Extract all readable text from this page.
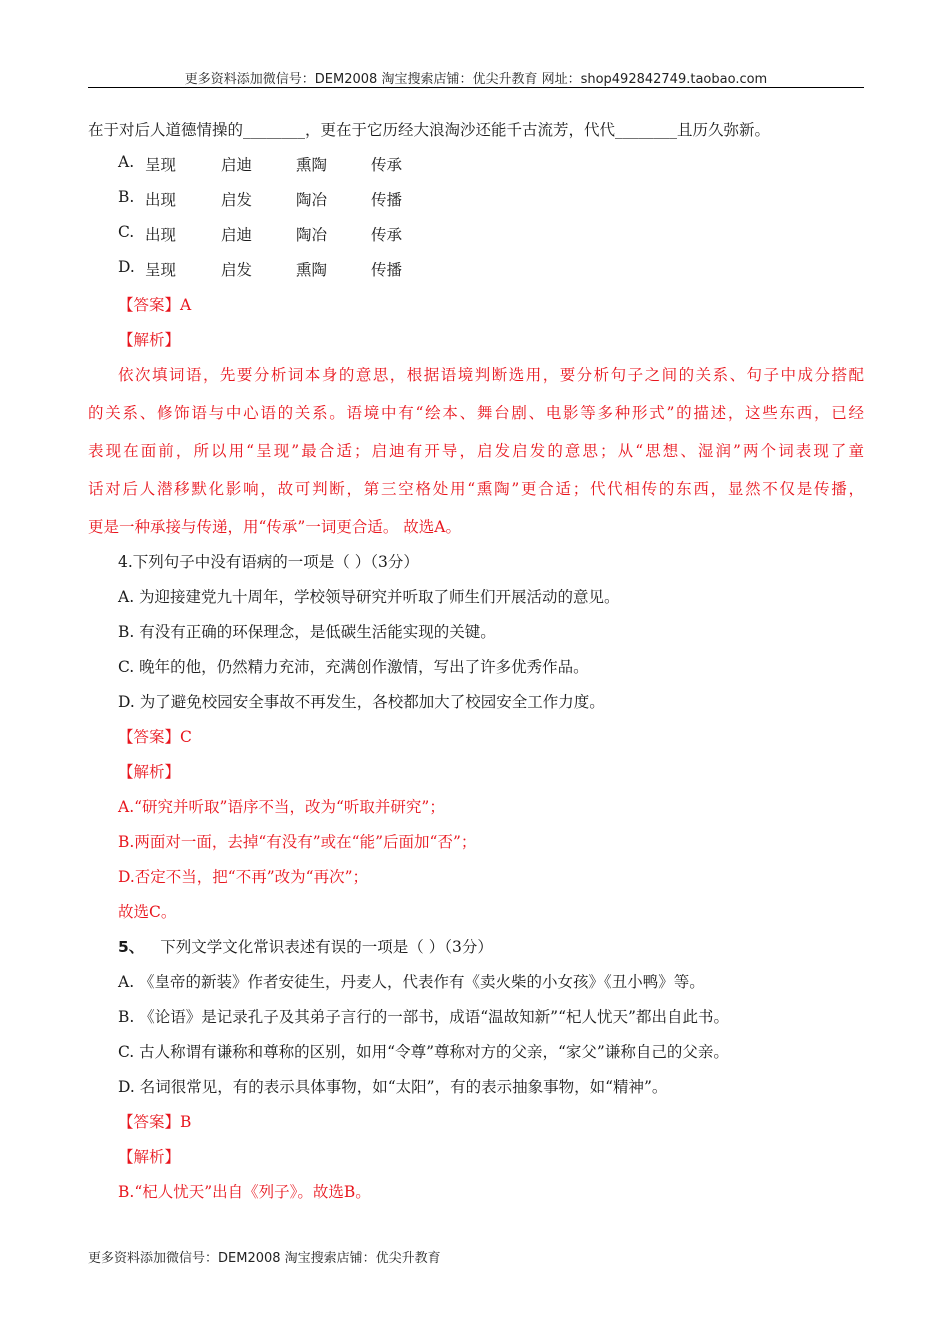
更多资料添加微信号：DEM2008 淘宝搜索店铺：优尖升教育 网址：shop492842749.taobao.com
在于对后人道德情操的________，更在于它历经大浪淘沙还能千古流芳，代代________且历久弥新。
A. 呈现	启迪	熏陶	传承
B. 出现	启发	陶冶	传播
C. 出现	启迪	陶冶	传承
D. 呈现	启发	熏陶	传播
【答案】A
【解析】
依次填词语，先要分析词本身的意思，根据语境判断选用，要分析句子之间的关系、句子中成分搭配
的关系、修饰语与中心语的关系。语境中有“绘本、舞台剧、电影等多种形式”的描述，这些东西，已经
表现在面前，所以用“呈现”最合适；启迪有开导，启发启发的意思；从“思想、湿润”两个词表现了童
话对后人潜移默化影响，故可判断，第三空格处用“熏陶”更合适；代代相传的东西，显然不仅是传播，
更是一种承接与传递，用“传承”一词更合适。 故选A。
4.下列句子中没有语病的一项是（ ）（3分）
A. 为迎接建党九十周年，学校领导研究并听取了师生们开展活动的意见。
B. 有没有正确的环保理念，是低碳生活能实现的关键。
C. 晚年的他，仍然精力充沛，充满创作激情，写出了许多优秀作品。
D. 为了避免校园安全事故不再发生，各校都加大了校园安全工作力度。
【答案】C
【解析】
A.“研究并听取”语序不当，改为“听取并研究”；
B.两面对一面，去掉“有没有”或在“能”后面加“否”；
D.否定不当，把“不再”改为“再次”；
故选C。
5、 下列文学文化常识表述有误的一项是（ ）（3分）
A. 《皇帝的新装》作者安徒生，丹麦人，代表作有《卖火柴的小女孩》《丑小鸭》等。
B. 《论语》是记录孔子及其弟子言行的一部书，成语“温故知新”“杞人忧天”都出自此书。
C. 古人称谓有谦称和尊称的区别，如用“令尊”尊称对方的父亲，“家父”谦称自己的父亲。
D. 名词很常见，有的表示具体事物，如“太阳”，有的表示抽象事物，如“精神”。
【答案】B
【解析】
B.“杞人忧天”出自《列子》。故选B。
更多资料添加微信号：DEM2008 淘宝搜索店铺：优尖升教育
